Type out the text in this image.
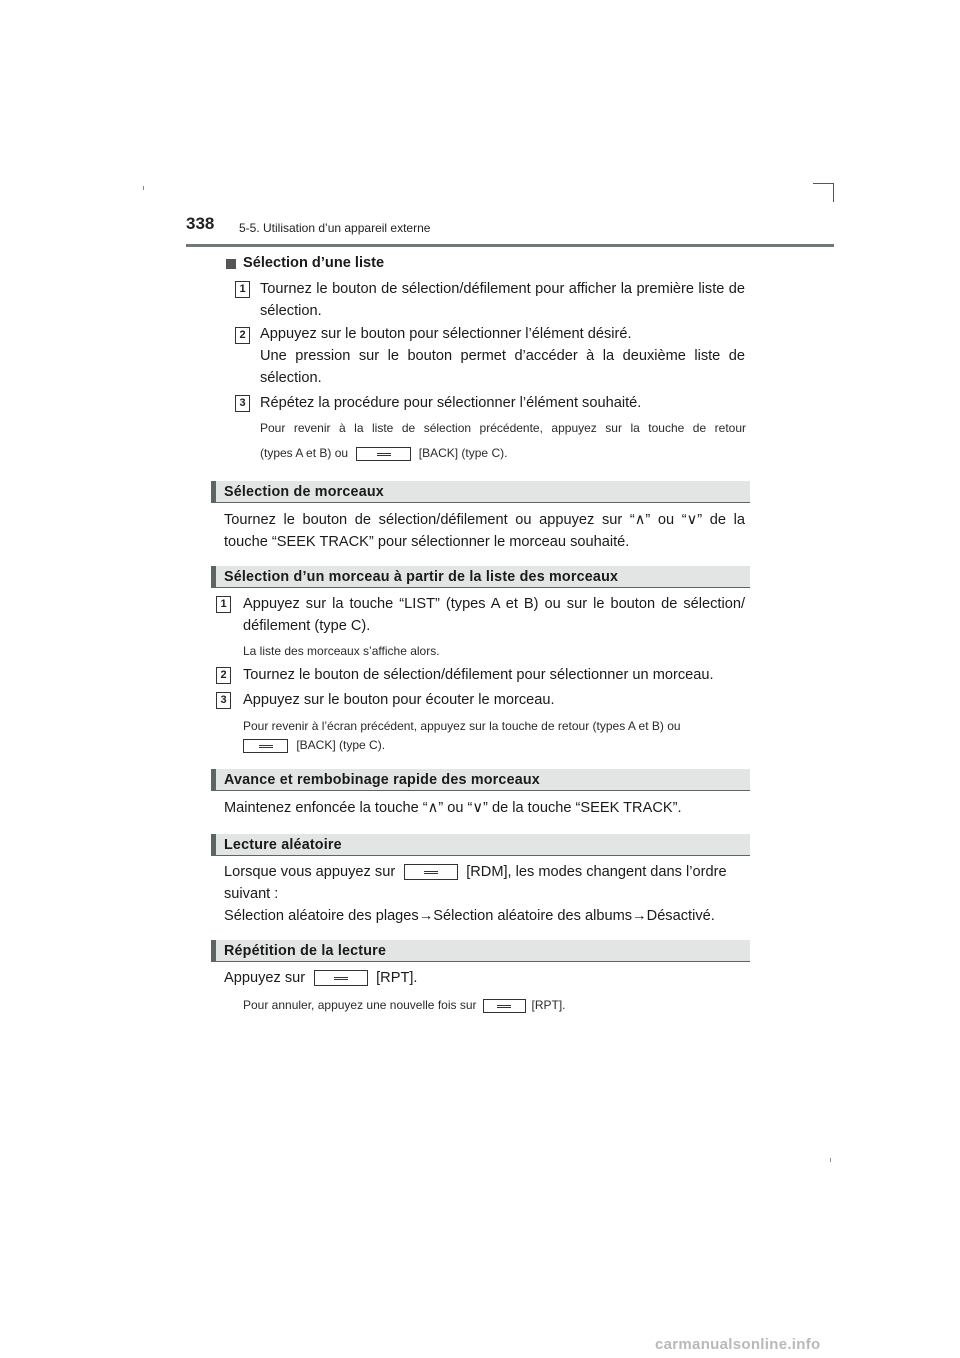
338 5-5. Utilisation d’un appareil externe
Sélection d’une liste
1 Tournez le bouton de sélection/défilement pour afficher la première liste de sélection.
2 Appuyez sur le bouton pour sélectionner l’élément désiré.
Une pression sur le bouton permet d’accéder à la deuxième liste de sélection.
3 Répétez la procédure pour sélectionner l’élément souhaité.
Pour revenir à la liste de sélection précédente, appuyez sur la touche de retour
(types A et B) ou	[BACK] (type C).
Sélection de morceaux
Tournez le bouton de sélection/défilement ou appuyez sur “∧” ou “∨” de la touche “SEEK TRACK” pour sélectionner le morceau souhaité.
Sélection d’un morceau à partir de la liste des morceaux
1	Appuyez sur la touche “LIST” (types A et B) ou sur le bouton de sélection/ défilement (type C).
La liste des morceaux s’affiche alors.
2	Tournez le bouton de sélection/défilement pour sélectionner un morceau.
3	Appuyez sur le bouton pour écouter le morceau.
Pour revenir à l’écran précédent, appuyez sur la touche de retour (types A et B) ou
[BACK] (type C).
Avance et rembobinage rapide des morceaux
Maintenez enfoncée la touche “∧” ou “∨” de la touche “SEEK TRACK”.
Lecture aléatoire
Lorsque vous appuyez sur	[RDM], les modes changent dans l’ordre
suivant :
Sélection aléatoire des plages→Sélection aléatoire des albums→Désactivé.
Répétition de la lecture
Appuyez sur	[RPT].
Pour annuler, appuyez une nouvelle fois sur	[RPT].
carmanualsonline.info
